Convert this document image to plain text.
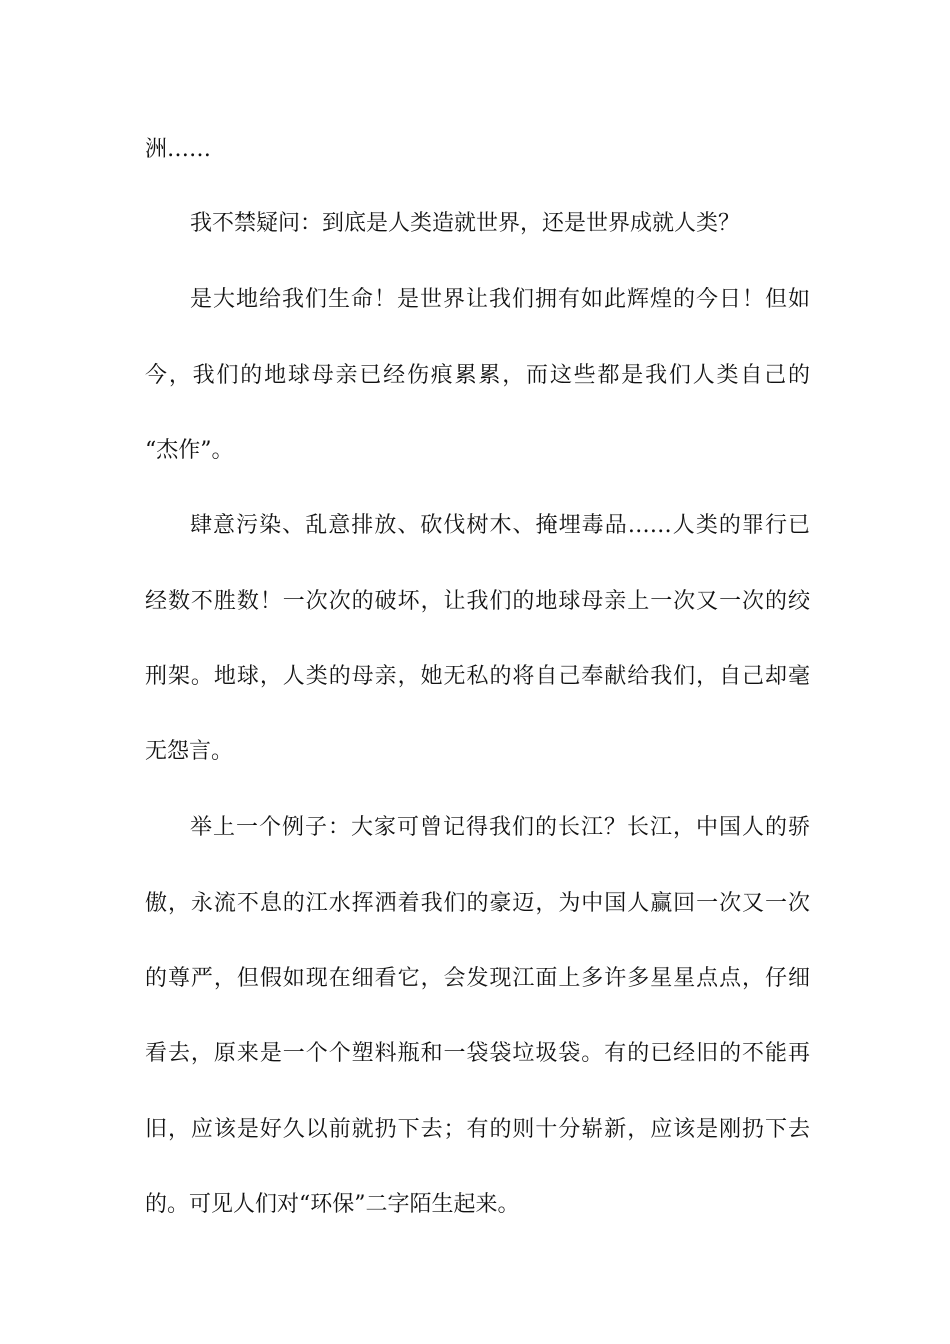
洲……
我不禁疑问：到底是人类造就世界，还是世界成就人类？
是大地给我们生命！是世界让我们拥有如此辉煌的今日！但如
今，我们的地球母亲已经伤痕累累，而这些都是我们人类自己的
“杰作”。
肆意污染、乱意排放、砍伐树木、掩埋毒品……人类的罪行已
经数不胜数！一次次的破坏，让我们的地球母亲上一次又一次的绞
刑架。地球，人类的母亲，她无私的将自己奉献给我们，自己却毫
无怨言。
举上一个例子：大家可曾记得我们的长江？长江，中国人的骄
傲，永流不息的江水挥洒着我们的豪迈，为中国人赢回一次又一次
的尊严，但假如现在细看它，会发现江面上多许多星星点点，仔细
看去，原来是一个个塑料瓶和一袋袋垃圾袋。有的已经旧的不能再
旧，应该是好久以前就扔下去；有的则十分崭新，应该是刚扔下去
的。可见人们对“环保”二字陌生起来。
